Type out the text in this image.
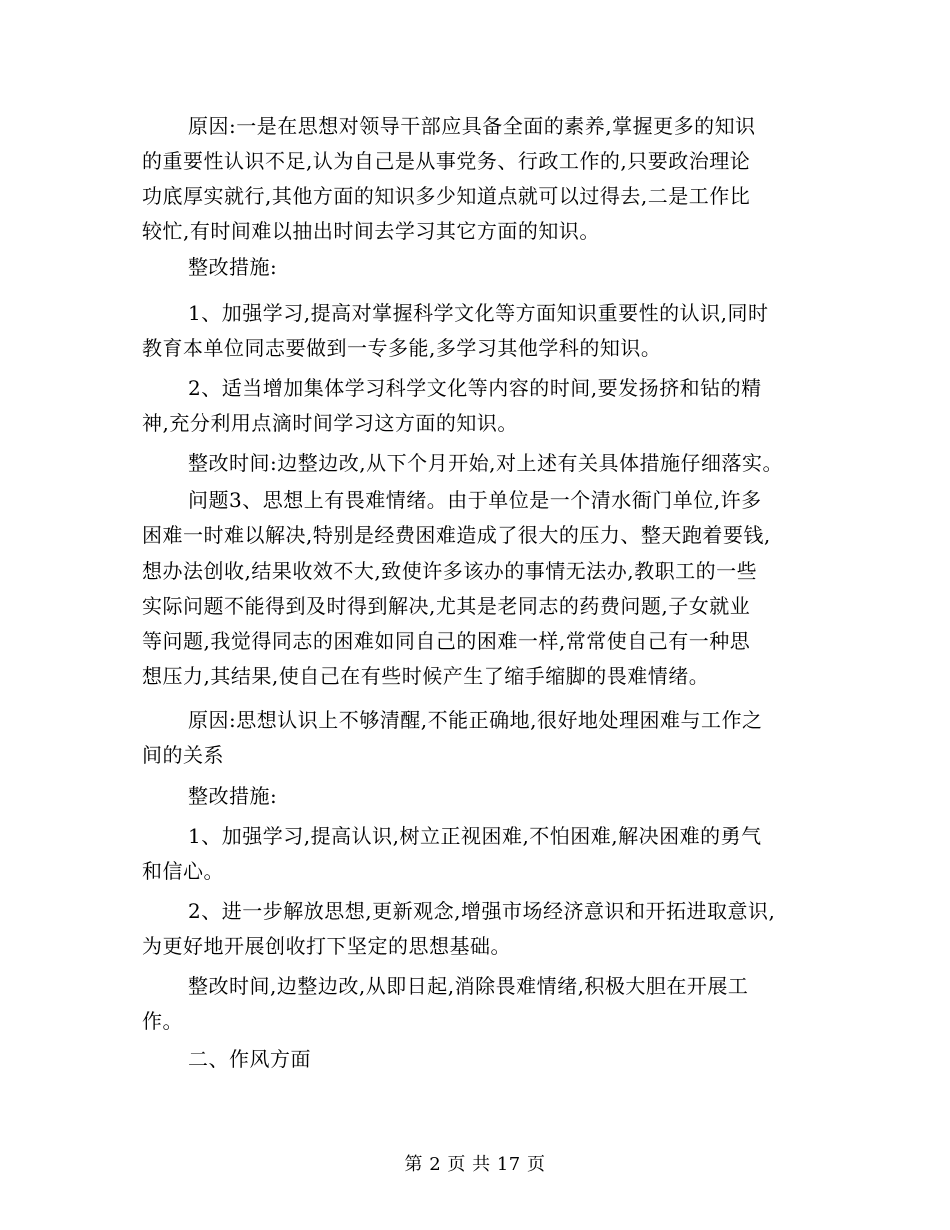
原因:一是在思想对领导干部应具备全面的素养,掌握更多的知识
的重要性认识不足,认为自己是从事党务、行政工作的,只要政治理论
功底厚实就行,其他方面的知识多少知道点就可以过得去,二是工作比
较忙,有时间难以抽出时间去学习其它方面的知识。
整改措施:
1、加强学习,提高对掌握科学文化等方面知识重要性的认识,同时
教育本单位同志要做到一专多能,多学习其他学科的知识。
2、适当增加集体学习科学文化等内容的时间,要发扬挤和钻的精
神,充分利用点滴时间学习这方面的知识。
整改时间:边整边改,从下个月开始,对上述有关具体措施仔细落实。
问题3、思想上有畏难情绪。由于单位是一个清水衙门单位,许多
困难一时难以解决,特别是经费困难造成了很大的压力、整天跑着要钱,
想办法创收,结果收效不大,致使许多该办的事情无法办,教职工的一些
实际问题不能得到及时得到解决,尤其是老同志的药费问题,子女就业
等问题,我觉得同志的困难如同自己的困难一样,常常使自己有一种思
想压力,其结果,使自己在有些时候产生了缩手缩脚的畏难情绪。
原因:思想认识上不够清醒,不能正确地,很好地处理困难与工作之
间的关系
整改措施:
1、加强学习,提高认识,树立正视困难,不怕困难,解决困难的勇气
和信心。
2、进一步解放思想,更新观念,增强市场经济意识和开拓进取意识,
为更好地开展创收打下坚定的思想基础。
整改时间,边整边改,从即日起,消除畏难情绪,积极大胆在开展工
作。
二、作风方面
第 2 页 共 17 页
